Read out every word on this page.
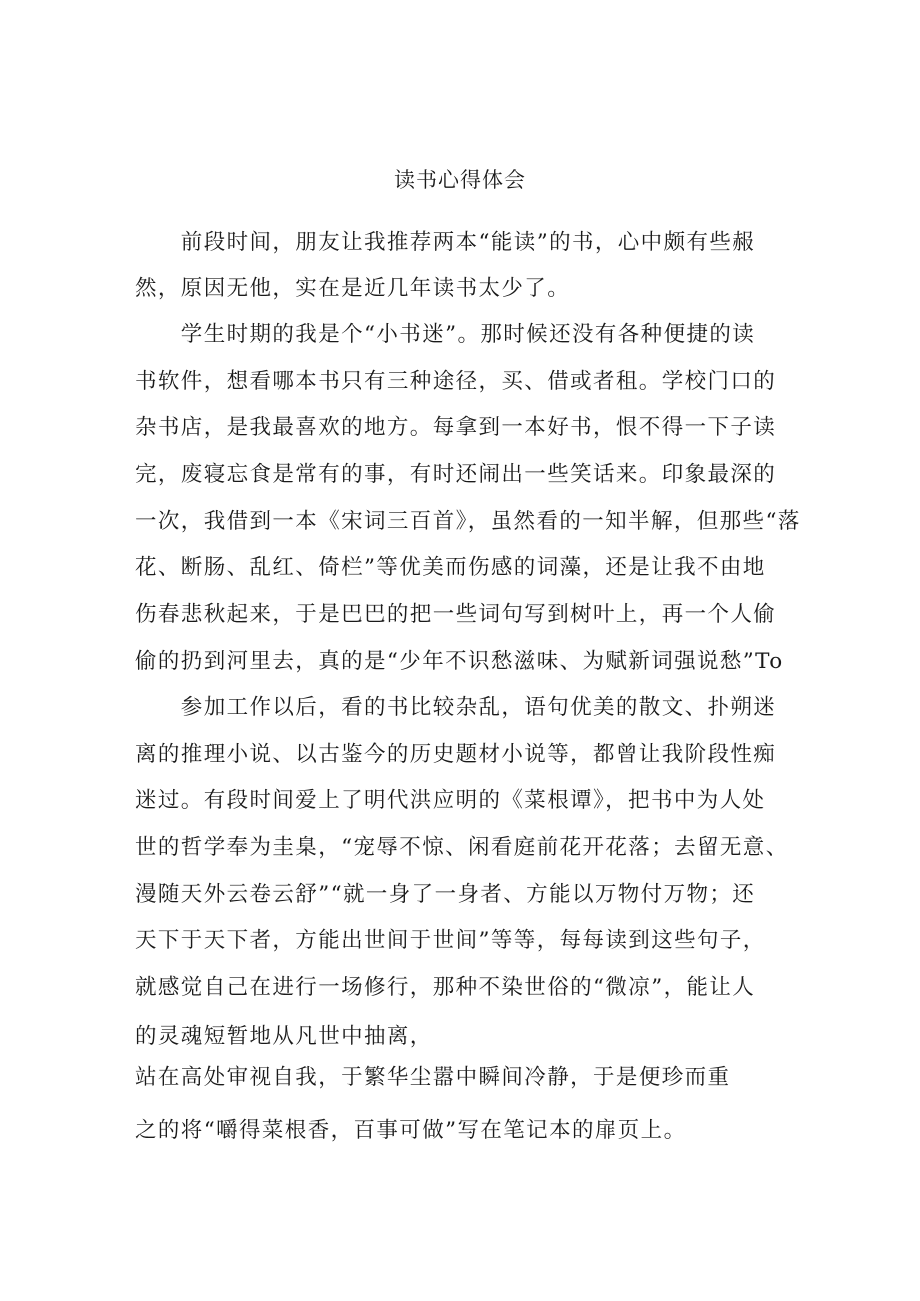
读书心得体会
　　前段时间，朋友让我推荐两本“能读”的书，心中颇有些赧
然，原因无他，实在是近几年读书太少了。
　　学生时期的我是个“小书迷”。那时候还没有各种便捷的读
书软件，想看哪本书只有三种途径，买、借或者租。学校门口的
杂书店，是我最喜欢的地方。每拿到一本好书，恨不得一下子读
完，废寝忘食是常有的事，有时还闹出一些笑话来。印象最深的
一次，我借到一本《宋词三百首》，虽然看的一知半解，但那些“落
花、断肠、乱红、倚栏”等优美而伤感的词藻，还是让我不由地
伤春悲秋起来，于是巴巴的把一些词句写到树叶上，再一个人偷
偷的扔到河里去，真的是“少年不识愁滋味、为赋新词强说愁”To
　　参加工作以后，看的书比较杂乱，语句优美的散文、扑朔迷
离的推理小说、以古鉴今的历史题材小说等，都曾让我阶段性痴
迷过。有段时间爱上了明代洪应明的《菜根谭》，把书中为人处
世的哲学奉为圭臬，“宠辱不惊、闲看庭前花开花落；去留无意、
漫随天外云卷云舒”“就一身了一身者、方能以万物付万物；还
天下于天下者，方能出世间于世间”等等，每每读到这些句子，
就感觉自己在进行一场修行，那种不染世俗的“微凉”，能让人
的灵魂短暂地从凡世中抽离，
站在高处审视自我，于繁华尘嚣中瞬间冷静，于是便珍而重
之的将“嚼得菜根香，百事可做”写在笔记本的扉页上。
